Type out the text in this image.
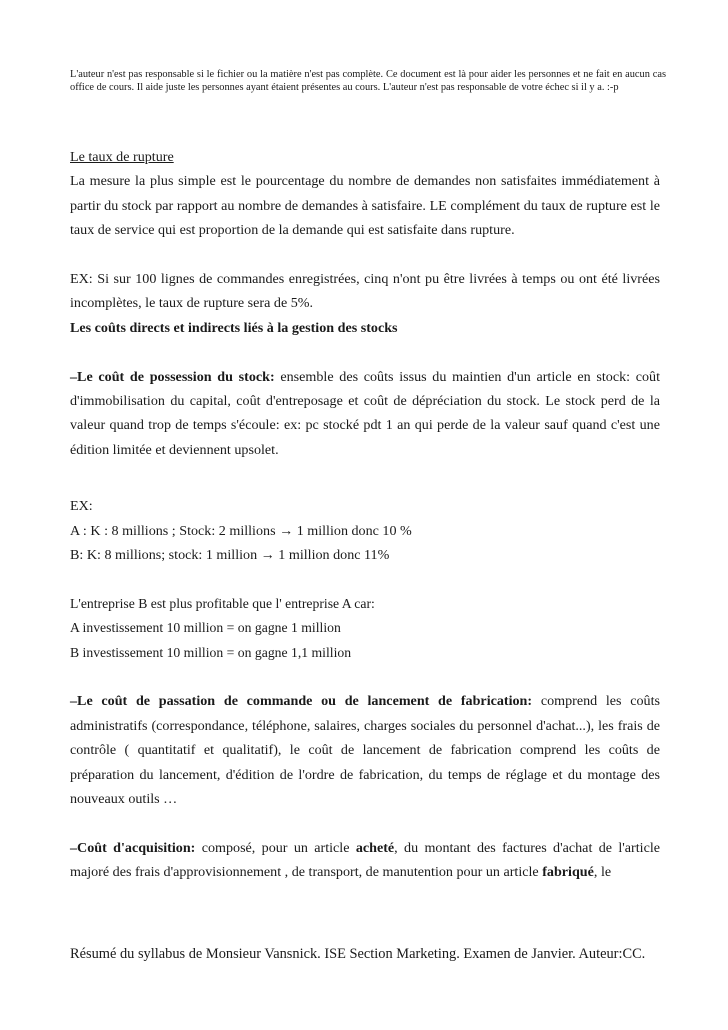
L'auteur n'est pas responsable si le fichier ou la matière n'est pas complète. Ce document est là pour aider les personnes et ne fait en aucun cas office de cours. Il aide juste les personnes ayant étaient présentes au cours. L'auteur n'est pas responsable de votre échec si il y a. :-p

Le taux de rupture

La mesure la plus simple est le pourcentage du nombre de demandes non satisfaites immédiatement à partir du stock par rapport au nombre de demandes à satisfaire. LE complément du taux de rupture est le taux de service qui est proportion de la demande qui est satisfaite dans rupture.

EX: Si sur 100 lignes de commandes enregistrées, cinq n'ont pu être livrées à temps ou ont été livrées incomplètes, le taux de rupture sera de 5%.

Les coûts directs et indirects liés à la gestion des stocks

–Le coût de possession du stock: ensemble des coûts issus du maintien d'un article en stock: coût d'immobilisation du capital, coût d'entreposage et coût de dépréciation du stock. Le stock perd de la valeur quand trop de temps s'écoule: ex: pc stocké pdt 1 an qui perde de la valeur sauf quand c'est une édition limitée et deviennent upsolet.

EX:

A : K : 8 millions ; Stock: 2 millions → 1 million donc 10 %

B: K: 8 millions; stock: 1 million → 1 million donc 11%

L'entreprise B est plus profitable que l' entreprise A car:

A investissement 10 million = on gagne 1 million

B investissement 10 million = on gagne 1,1 million

–Le coût de passation de commande ou de lancement de fabrication: comprend les coûts administratifs (correspondance, téléphone, salaires, charges sociales du personnel d'achat...), les frais de contrôle ( quantitatif et qualitatif), le coût de lancement de fabrication comprend les coûts de préparation du lancement, d'édition de l'ordre de fabrication, du temps de réglage et du montage des nouveaux outils …

–Coût d'acquisition: composé, pour un article acheté, du montant des factures d'achat de l'article majoré des frais d'approvisionnement , de transport, de manutention pour un article fabriqué, le

Résumé du syllabus de Monsieur Vansnick. ISE Section Marketing. Examen de Janvier. Auteur:CC.
